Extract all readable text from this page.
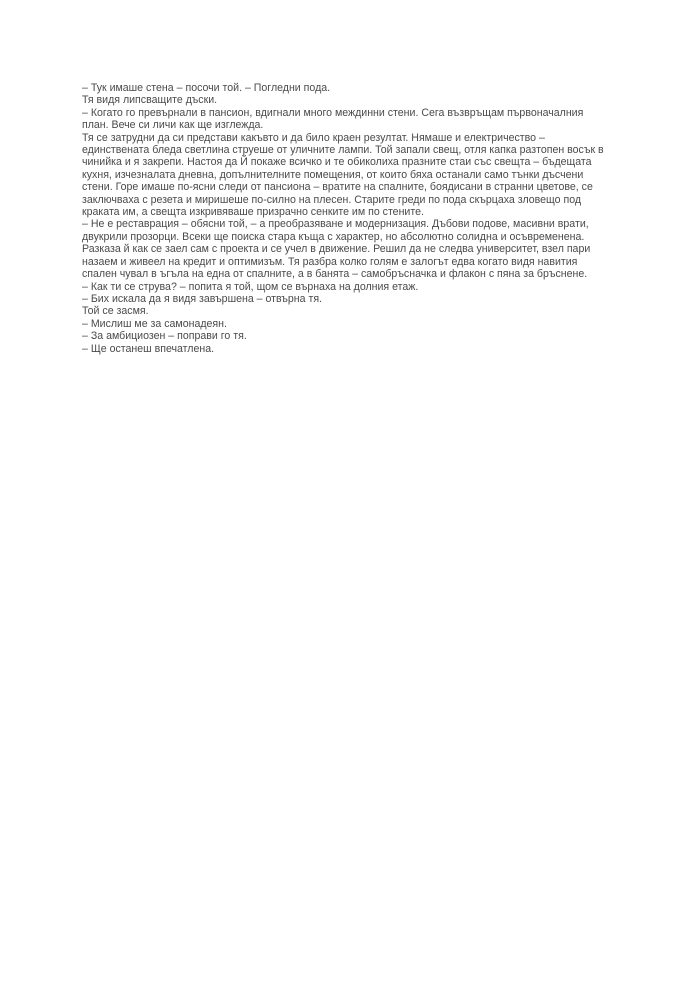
– Тук имаше стена – посочи той. – Погледни пода.
Тя видя липсващите дъски.
– Когато го превърнали в пансион, вдигнали много междинни стени. Сега възвръщам първоначалния
план. Вече си личи как ще изглежда.
Тя се затрудни да си представи какъвто и да било краен резултат. Нямаше и електричество –
единствената бледа светлина струеше от уличните лампи. Той запали свещ, отля капка разтопен восък в
чинийка и я закрепи. Настоя да Й покаже всичко и те обиколиха празните стаи със свещта – бъдещата
кухня, изчезналата дневна, допълнителните помещения, от които бяха останали само тънки дъсчени
стени. Горе имаше по-ясни следи от пансиона – вратите на спалните, боядисани в странни цветове, се
заключваха с резета и миришеше по-силно на плесен. Старите греди по пода скърцаха зловещо под
краката им, а свещта изкривяваше призрачно сенките им по стените.
– Не е реставрация – обясни той, – а преобразяване и модернизация. Дъбови подове, масивни врати,
двукрили прозорци. Всеки ще поиска стара къща с характер, но абсолютно солидна и осъвременена.
Разказа й как се заел сам с проекта и се учел в движение. Решил да не следва университет, взел пари
назаем и живеел на кредит и оптимизъм. Тя разбра колко голям е залогът едва когато видя навития
спален чувал в ъгъла на една от спалните, а в банята – самобръсначка и флакон с пяна за бръснене.
– Как ти се струва? – попита я той, щом се върнаха на долния етаж.
– Бих искала да я видя завършена – отвърна тя.
Той се засмя.
– Мислиш ме за самонадеян.
– За амбициозен – поправи го тя.
– Ще останеш впечатлена.
